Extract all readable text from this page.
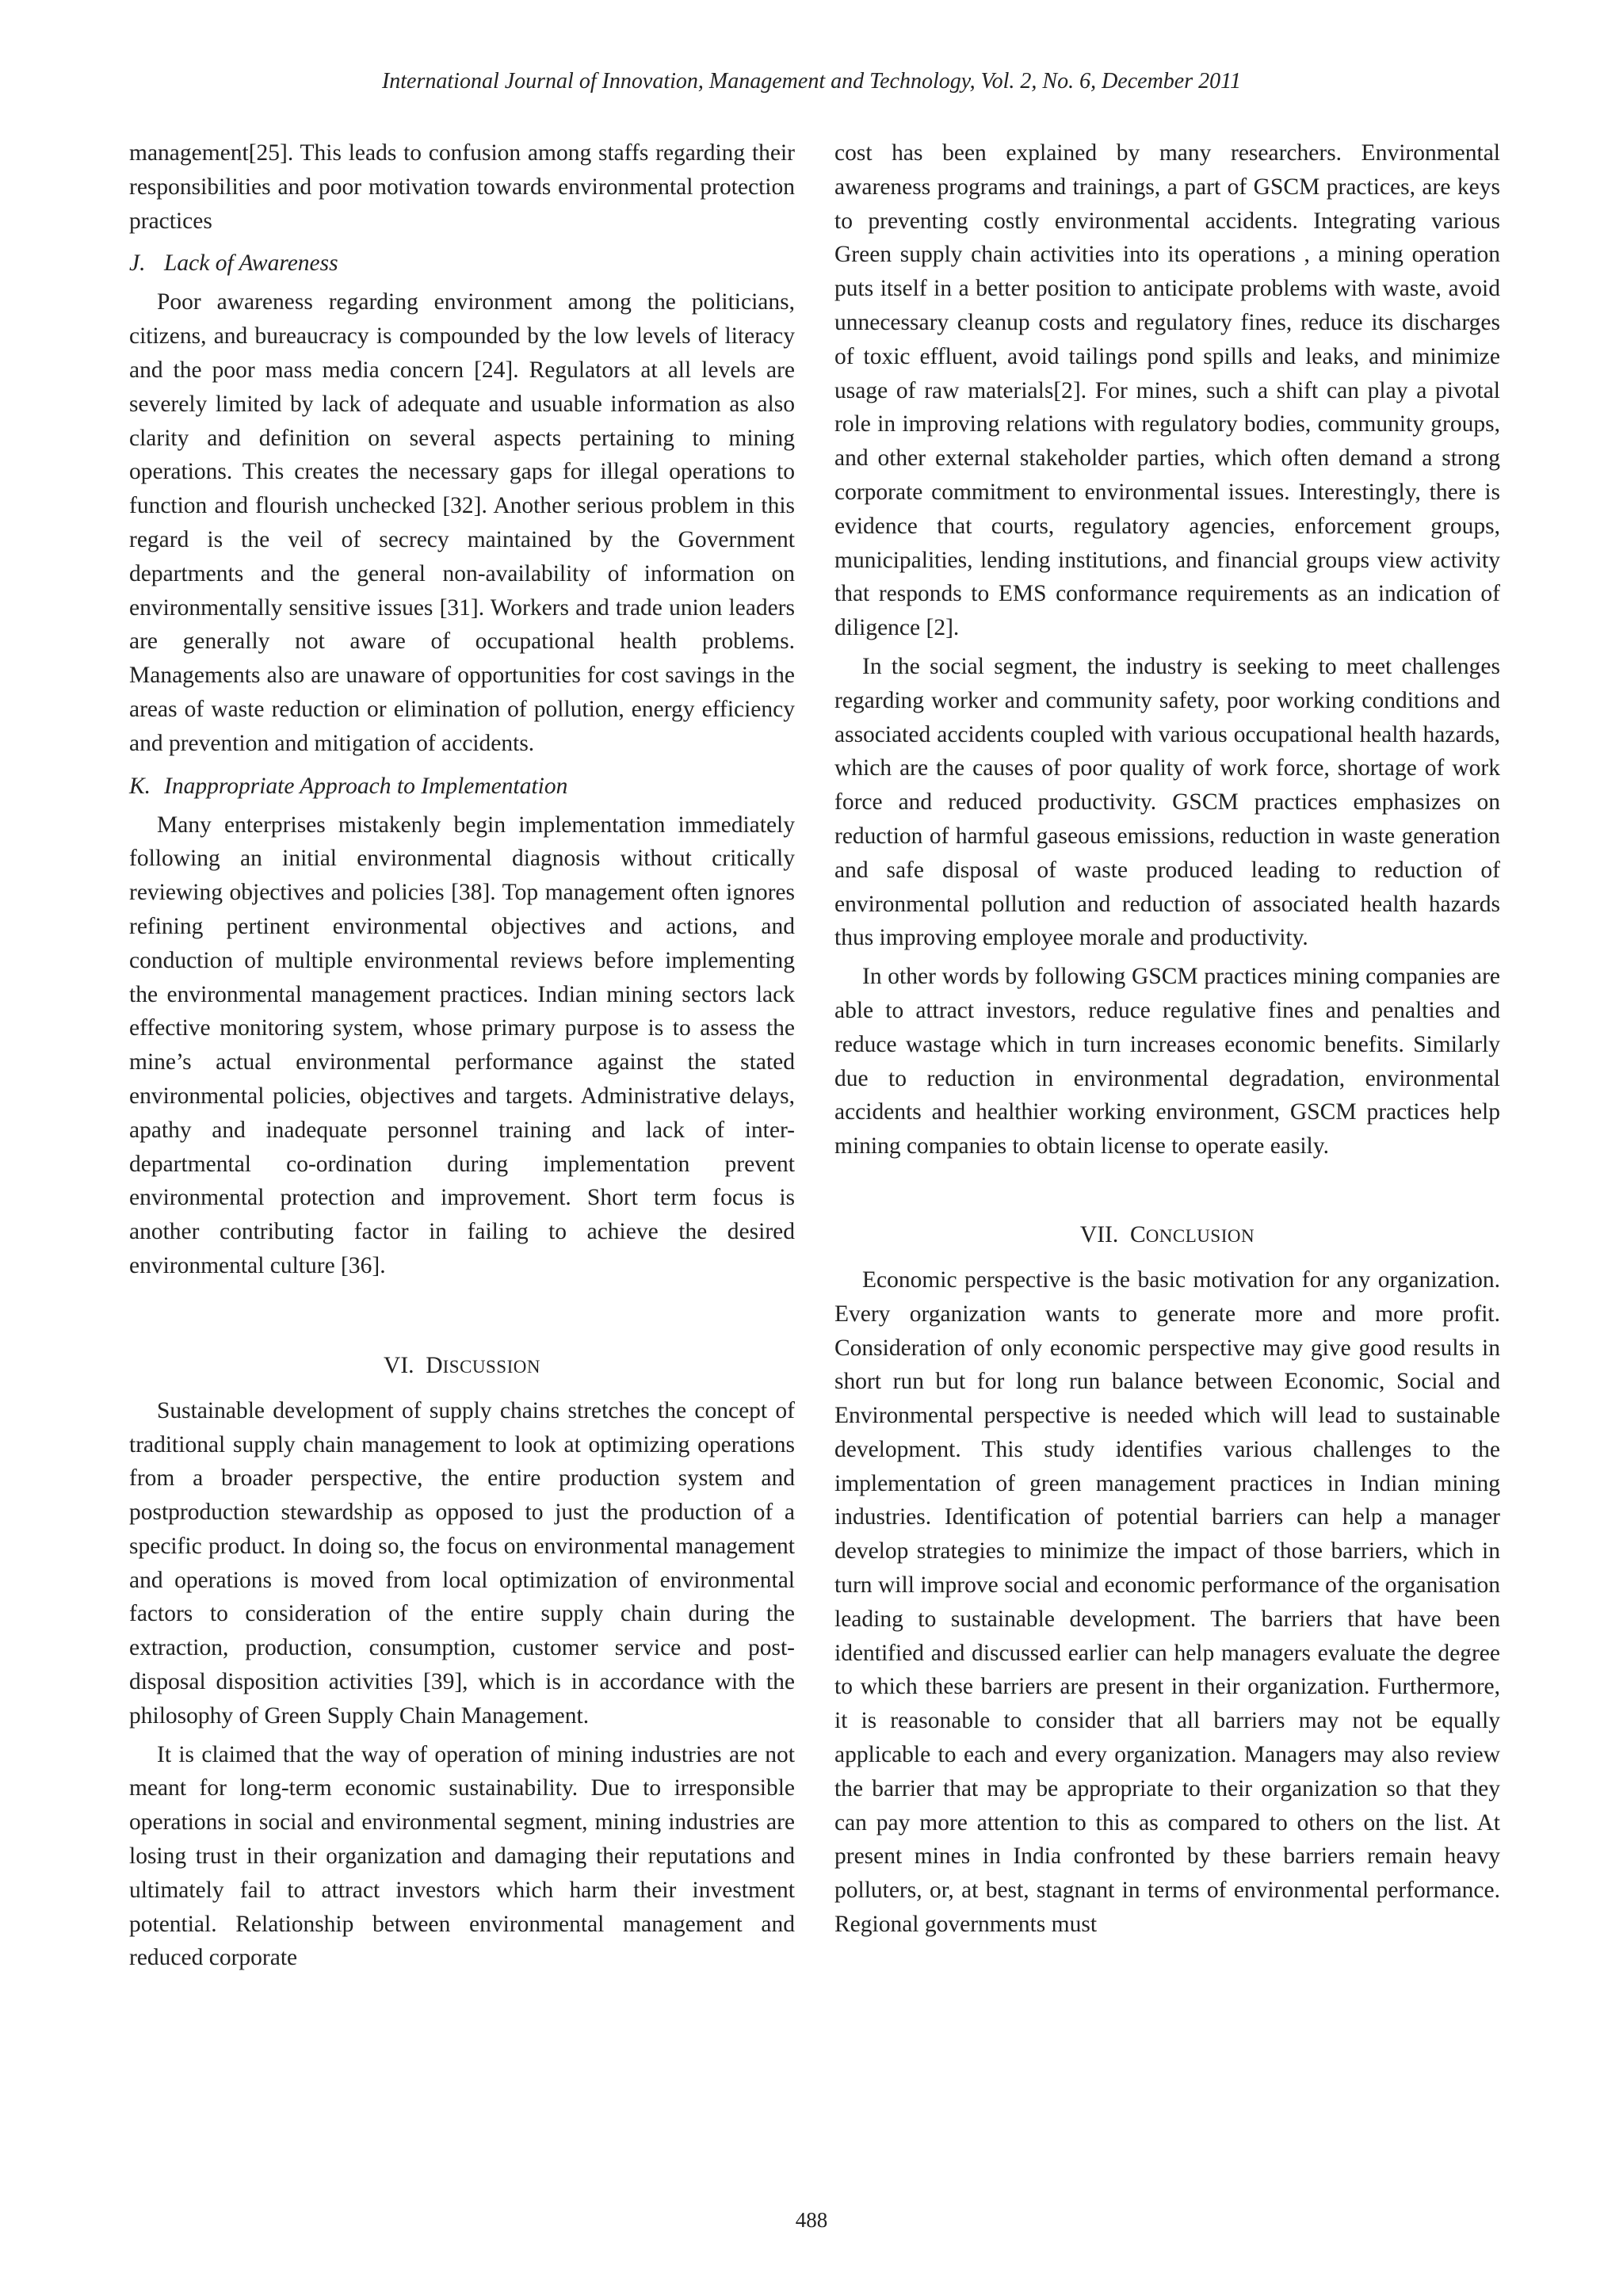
International Journal of Innovation, Management and Technology, Vol. 2, No. 6, December 2011

management[25]. This leads to confusion among staffs regarding their responsibilities and poor motivation towards environmental protection practices

J. Lack of Awareness

Poor awareness regarding environment among the politicians, citizens, and bureaucracy is compounded by the low levels of literacy and the poor mass media concern [24]. Regulators at all levels are severely limited by lack of adequate and usuable information as also clarity and definition on several aspects pertaining to mining operations. This creates the necessary gaps for illegal operations to function and flourish unchecked [32]. Another serious problem in this regard is the veil of secrecy maintained by the Government departments and the general non-availability of information on environmentally sensitive issues [31]. Workers and trade union leaders are generally not aware of occupational health problems. Managements also are unaware of opportunities for cost savings in the areas of waste reduction or elimination of pollution, energy efficiency and prevention and mitigation of accidents.

K. Inappropriate Approach to Implementation

Many enterprises mistakenly begin implementation immediately following an initial environmental diagnosis without critically reviewing objectives and policies [38]. Top management often ignores refining pertinent environmental objectives and actions, and conduction of multiple environmental reviews before implementing the environmental management practices. Indian mining sectors lack effective monitoring system, whose primary purpose is to assess the mine’s actual environmental performance against the stated environmental policies, objectives and targets. Administrative delays, apathy and inadequate personnel training and lack of inter-departmental co-ordination during implementation prevent environmental protection and improvement. Short term focus is another contributing factor in failing to achieve the desired environmental culture [36].

VI. DISCUSSION

Sustainable development of supply chains stretches the concept of traditional supply chain management to look at optimizing operations from a broader perspective, the entire production system and postproduction stewardship as opposed to just the production of a specific product. In doing so, the focus on environmental management and operations is moved from local optimization of environmental factors to consideration of the entire supply chain during the extraction, production, consumption, customer service and post-disposal disposition activities [39], which is in accordance with the philosophy of Green Supply Chain Management.

It is claimed that the way of operation of mining industries are not meant for long-term economic sustainability. Due to irresponsible operations in social and environmental segment, mining industries are losing trust in their organization and damaging their reputations and ultimately fail to attract investors which harm their investment potential. Relationship between environmental management and reduced corporate

cost has been explained by many researchers. Environmental awareness programs and trainings, a part of GSCM practices, are keys to preventing costly environmental accidents. Integrating various Green supply chain activities into its operations , a mining operation puts itself in a better position to anticipate problems with waste, avoid unnecessary cleanup costs and regulatory fines, reduce its discharges of toxic effluent, avoid tailings pond spills and leaks, and minimize usage of raw materials[2]. For mines, such a shift can play a pivotal role in improving relations with regulatory bodies, community groups, and other external stakeholder parties, which often demand a strong corporate commitment to environmental issues. Interestingly, there is evidence that courts, regulatory agencies, enforcement groups, municipalities, lending institutions, and financial groups view activity that responds to EMS conformance requirements as an indication of diligence [2].

In the social segment, the industry is seeking to meet challenges regarding worker and community safety, poor working conditions and associated accidents coupled with various occupational health hazards, which are the causes of poor quality of work force, shortage of work force and reduced productivity. GSCM practices emphasizes on reduction of harmful gaseous emissions, reduction in waste generation and safe disposal of waste produced leading to reduction of environmental pollution and reduction of associated health hazards thus improving employee morale and productivity.

In other words by following GSCM practices mining companies are able to attract investors, reduce regulative fines and penalties and reduce wastage which in turn increases economic benefits. Similarly due to reduction in environmental degradation, environmental accidents and healthier working environment, GSCM practices help mining companies to obtain license to operate easily.

VII. CONCLUSION

Economic perspective is the basic motivation for any organization. Every organization wants to generate more and more profit. Consideration of only economic perspective may give good results in short run but for long run balance between Economic, Social and Environmental perspective is needed which will lead to sustainable development. This study identifies various challenges to the implementation of green management practices in Indian mining industries. Identification of potential barriers can help a manager develop strategies to minimize the impact of those barriers, which in turn will improve social and economic performance of the organisation leading to sustainable development. The barriers that have been identified and discussed earlier can help managers evaluate the degree to which these barriers are present in their organization. Furthermore, it is reasonable to consider that all barriers may not be equally applicable to each and every organization. Managers may also review the barrier that may be appropriate to their organization so that they can pay more attention to this as compared to others on the list. At present mines in India confronted by these barriers remain heavy polluters, or, at best, stagnant in terms of environmental performance. Regional governments must

488
